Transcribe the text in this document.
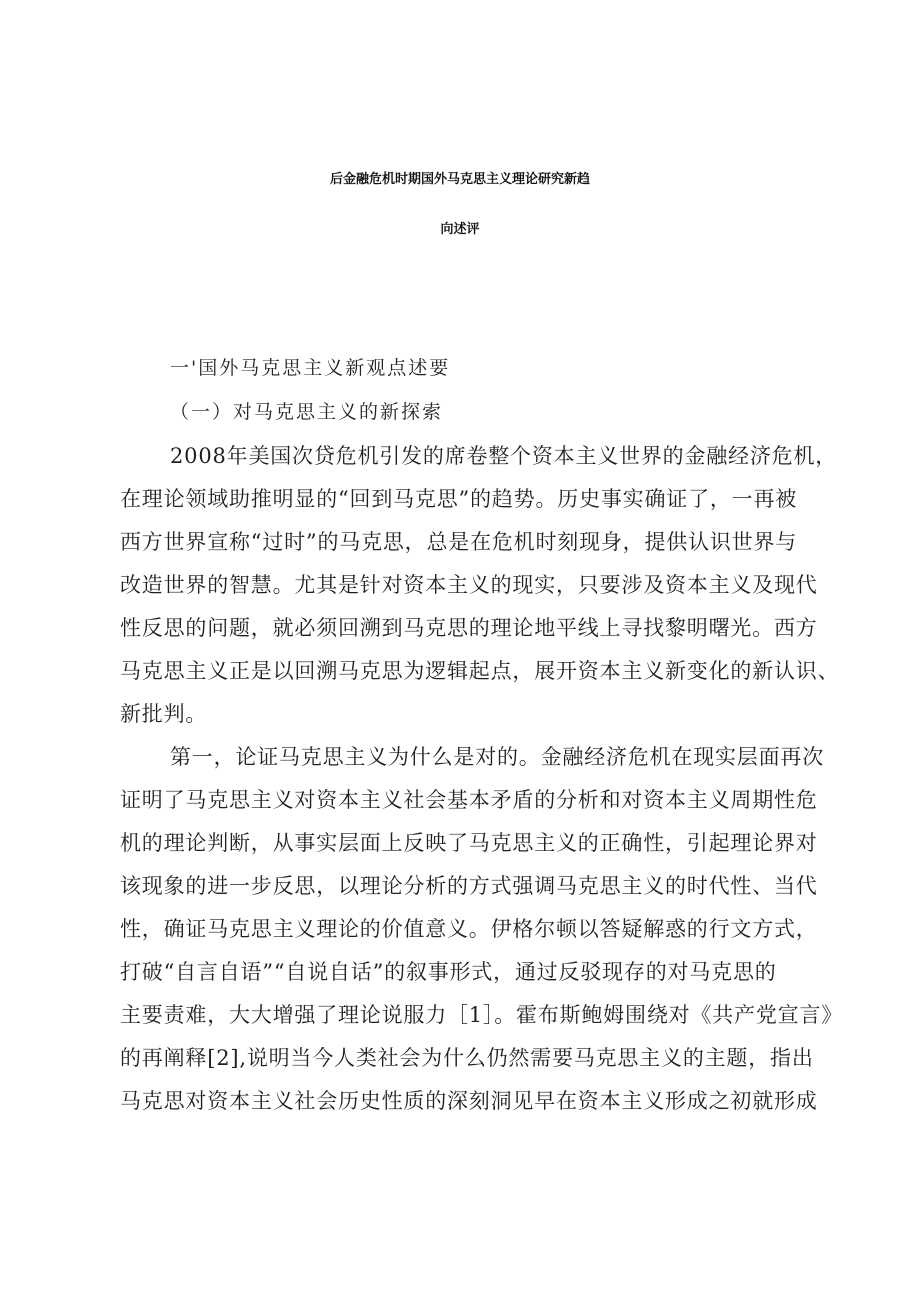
后金融危机时期国外马克思主义理论研究新趋
向述评
一'国外马克思主义新观点述要
（一）对马克思主义的新探索
2008年美国次贷危机引发的席卷整个资本主义世界的金融经济危机，
在理论领域助推明显的“回到马克思”的趋势。历史事实确证了，一再被
西方世界宣称“过时”的马克思，总是在危机时刻现身，提供认识世界与
改造世界的智慧。尤其是针对资本主义的现实，只要涉及资本主义及现代
性反思的问题，就必须回溯到马克思的理论地平线上寻找黎明曙光。西方
马克思主义正是以回溯马克思为逻辑起点，展开资本主义新变化的新认识、
新批判。
第一，论证马克思主义为什么是对的。金融经济危机在现实层面再次
证明了马克思主义对资本主义社会基本矛盾的分析和对资本主义周期性危
机的理论判断，从事实层面上反映了马克思主义的正确性，引起理论界对
该现象的进一步反思，以理论分析的方式强调马克思主义的时代性、当代
性，确证马克思主义理论的价值意义。伊格尔顿以答疑解惑的行文方式，
打破“自言自语”“自说自话”的叙事形式，通过反驳现存的对马克思的
主要责难，大大增强了理论说服力［1］。霍布斯鲍姆围绕对《共产党宣言》
的再阐释[2],说明当今人类社会为什么仍然需要马克思主义的主题，指出
马克思对资本主义社会历史性质的深刻洞见早在资本主义形成之初就形成
